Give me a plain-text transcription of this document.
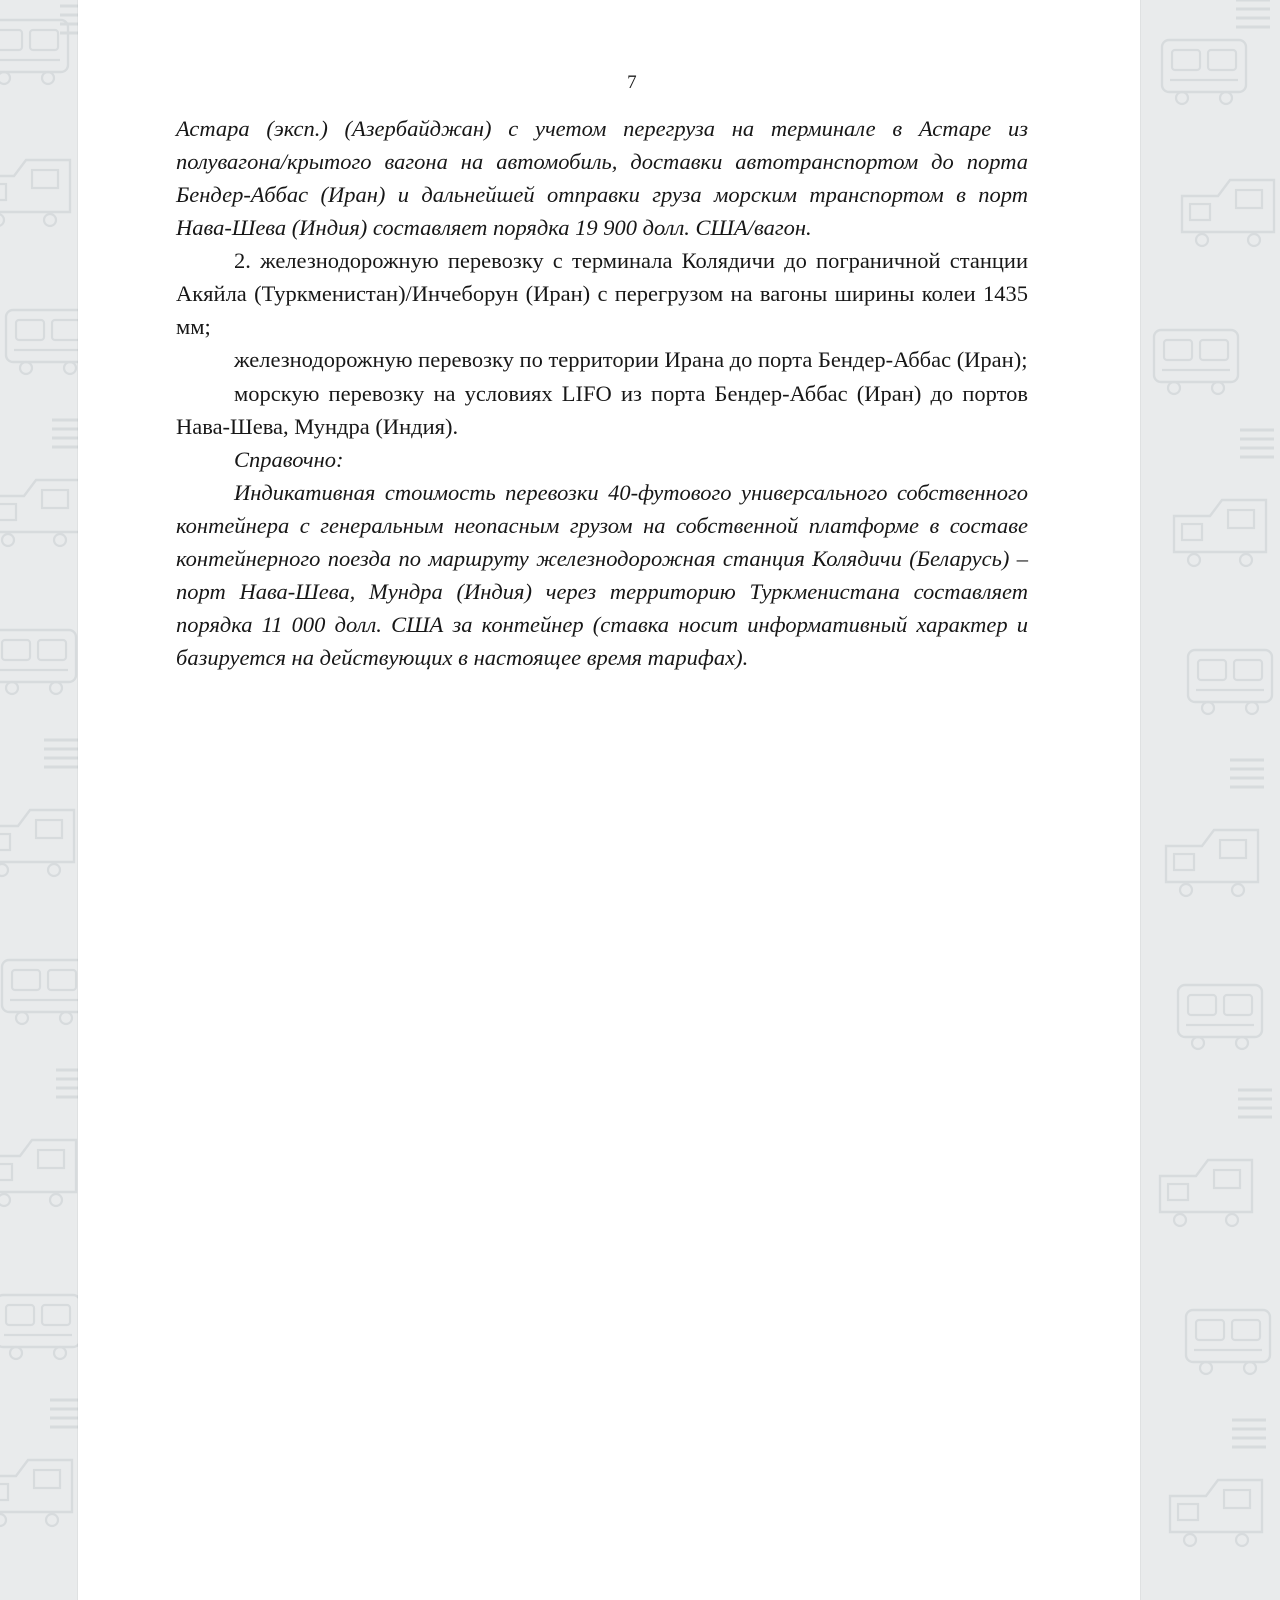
7

Астара (эксп.) (Азербайджан) с учетом перегруза на терминале в Астаре из полувагона/крытого вагона на автомобиль, доставки автотранспортом до порта Бендер-Аббас (Иран) и дальнейшей отправки груза морским транспортом в порт Нава-Шева (Индия) составляет порядка 19 900 долл. США/вагон.

2. железнодорожную перевозку с терминала Колядичи до пограничной станции Акяйла (Туркменистан)/Инчеборун (Иран) с перегрузом на вагоны ширины колеи 1435 мм;

железнодорожную перевозку по территории Ирана до порта Бендер-Аббас (Иран);

морскую перевозку на условиях LIFO из порта Бендер-Аббас (Иран) до портов Нава-Шева, Мундра (Индия).

Справочно:

Индикативная стоимость перевозки 40-футового универсального собственного контейнера с генеральным неопасным грузом на собственной платформе в составе контейнерного поезда по маршруту железнодорожная станция Колядичи (Беларусь) – порт Нава-Шева, Мундра (Индия) через территорию Туркменистана составляет порядка 11 000 долл. США за контейнер (ставка носит информативный характер и базируется на действующих в настоящее время тарифах).
